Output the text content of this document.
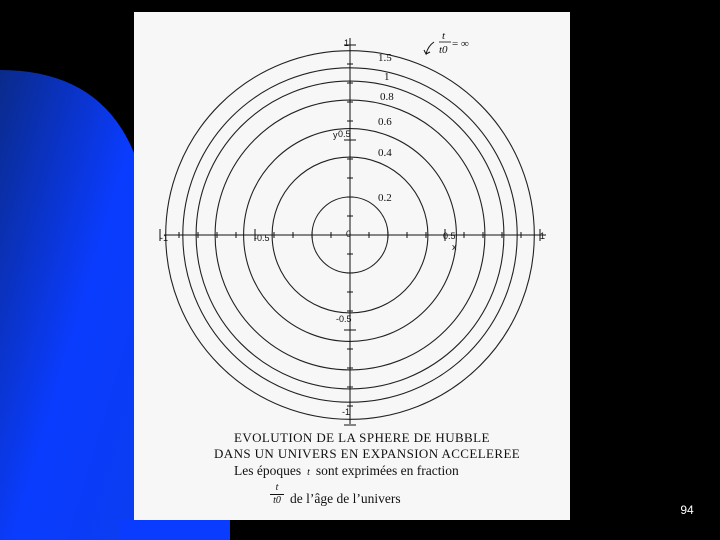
-1	-0.5	0	0.5	1
x
1
0.5
-0.5
-1
y
0.2
0.4
0.6
0.8
1
1.5
t
t0 = ∞
EVOLUTION DE LA SPHERE DE HUBBLE
DANS UN UNIVERS EN EXPANSION ACCELEREE
Les époques t sont exprimées en fraction
$\frac{t}{t0}$ de l’âge de l’univers
94
